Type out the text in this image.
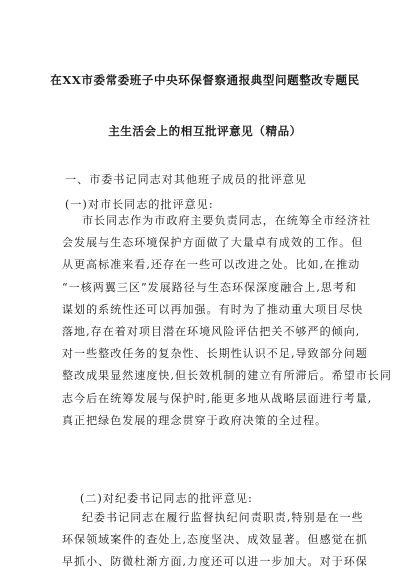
在XX市委常委班子中央环保督察通报典型问题整改专题民
主生活会上的相互批评意见（精品）
一、市委书记同志对其他班子成员的批评意见
(一)对市长同志的批评意见:
市长同志作为市政府主要负责同志，在统筹全市经济社
会发展与生态环境保护方面做了大量卓有成效的工作。但
从更高标准来看,还存在一些可以改进之处。比如,在推动
“一核两翼三区”发展路径与生态环保深度融合上,思考和
谋划的系统性还可以再加强。有时为了推动重大项目尽快
落地,存在着对项目潜在环境风险评估把关不够严的倾向,
对一些整改任务的复杂性、长期性认识不足,导致部分问题
整改成果显然速度快,但长效机制的建立有所滞后。希望市长同
志今后在统筹发展与保护时,能更多地从战略层面进行考量,
真正把绿色发展的理念贯穿于政府决策的全过程。
(二)对纪委书记同志的批评意见:
纪委书记同志在履行监督执纪问责职责,特别是在一些
环保领域案件的查处上,态度坚决、成效显著。但感觉在抓
早抓小、防微杜渐方面,力度还可以进一步加大。对于环保
